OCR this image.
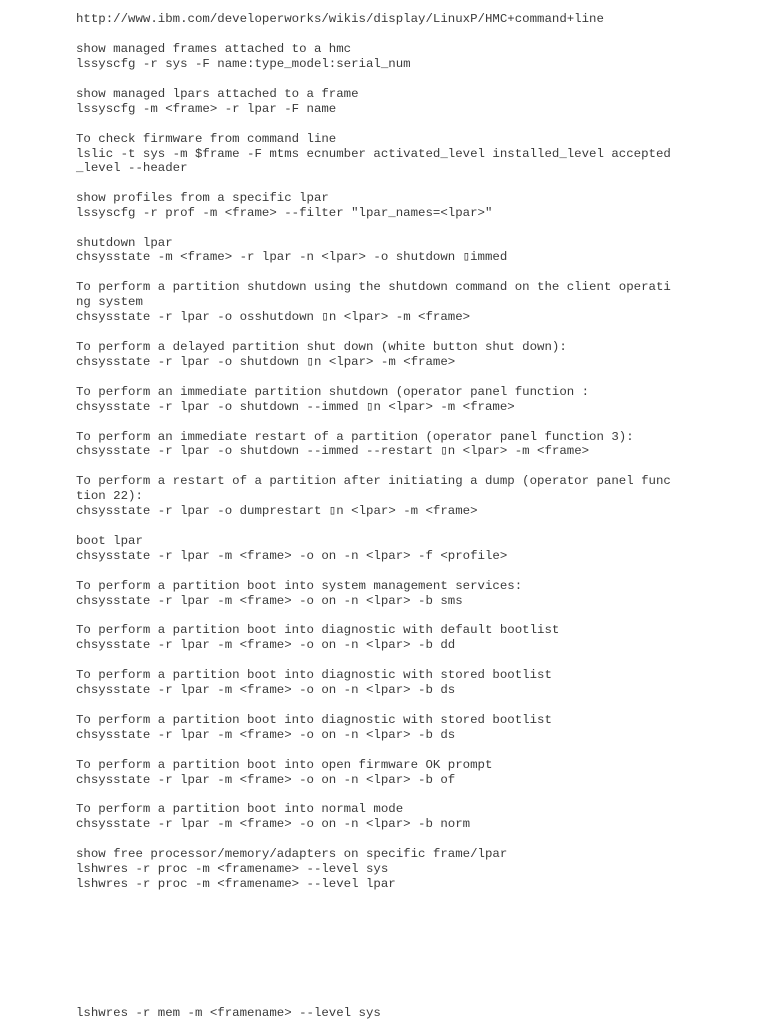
http://www.ibm.com/developerworks/wikis/display/LinuxP/HMC+command+line

show managed frames attached to a hmc

lssyscfg -r sys -F name:type_model:serial_num

show managed lpars attached to a frame

lssyscfg -m <frame> -r lpar -F name

To check firmware from command line

lslic -t sys -m $frame -F mtms ecnumber activated_level installed_level accepted

_level --header

show profiles from a specific lpar

lssyscfg -r prof -m <frame> --filter "lpar_names=<lpar>"

shutdown lpar

chsysstate -m <frame> -r lpar -n <lpar> -o shutdown ▯immed

To perform a partition shutdown using the shutdown command on the client operati

ng system

chsysstate -r lpar -o osshutdown ▯n <lpar> -m <frame>

To perform a delayed partition shut down (white button shut down):

chsysstate -r lpar -o shutdown ▯n <lpar> -m <frame>

To perform an immediate partition shutdown (operator panel function :

chsysstate -r lpar -o shutdown --immed ▯n <lpar> -m <frame>

To perform an immediate restart of a partition (operator panel function 3):

chsysstate -r lpar -o shutdown --immed --restart ▯n <lpar> -m <frame>

To perform a restart of a partition after initiating a dump (operator panel func

tion 22):

chsysstate -r lpar -o dumprestart ▯n <lpar> -m <frame>

boot lpar

chsysstate -r lpar -m <frame> -o on -n <lpar> -f <profile>

To perform a partition boot into system management services:

chsysstate -r lpar -m <frame> -o on -n <lpar> -b sms

To perform a partition boot into diagnostic with default bootlist

chsysstate -r lpar -m <frame> -o on -n <lpar> -b dd

To perform a partition boot into diagnostic with stored bootlist

chsysstate -r lpar -m <frame> -o on -n <lpar> -b ds

To perform a partition boot into diagnostic with stored bootlist

chsysstate -r lpar -m <frame> -o on -n <lpar> -b ds

To perform a partition boot into open firmware OK prompt

chsysstate -r lpar -m <frame> -o on -n <lpar> -b of

To perform a partition boot into normal mode

chsysstate -r lpar -m <frame> -o on -n <lpar> -b norm

show free processor/memory/adapters on specific frame/lpar

lshwres -r proc -m <framename> --level sys

lshwres -r proc -m <framename> --level lpar

lshwres -r mem -m <framename> --level sys
